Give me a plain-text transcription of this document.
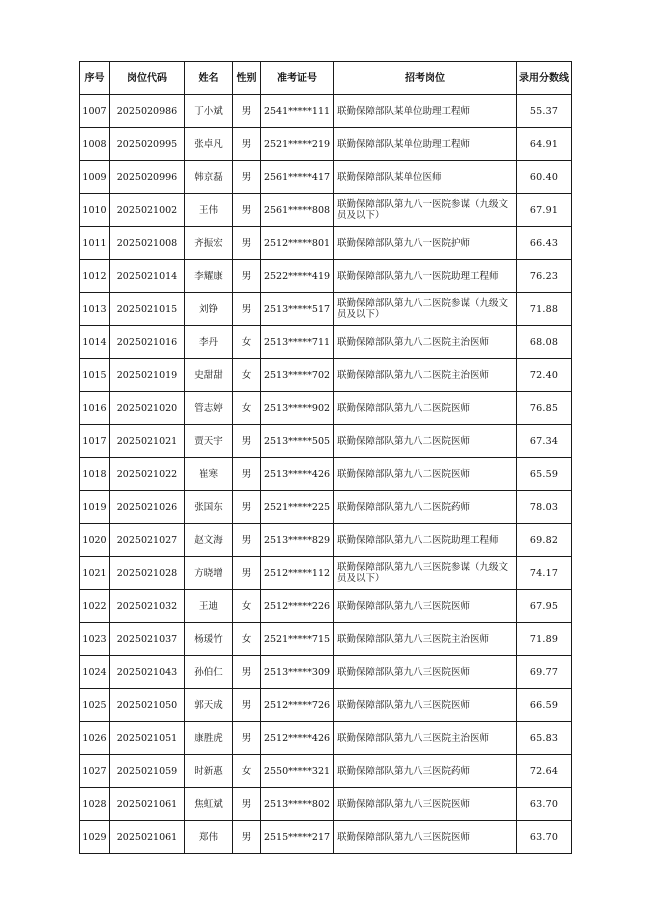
序号	岗位代码	姓名	性别	准考证号	招考岗位	录用分数线
1007	2025020986	丁小斌	男	2541*****111	联勤保障部队某单位助理工程师	55.37
1008	2025020995	张卓凡	男	2521*****219	联勤保障部队某单位助理工程师	64.91
1009	2025020996	韩京磊	男	2561*****417	联勤保障部队某单位医师	60.40
1010	2025021002	王伟	男	2561*****808	联勤保障部队第九八一医院参谋（九级文员及以下）	67.91
1011	2025021008	齐振宏	男	2512*****801	联勤保障部队第九八一医院护师	66.43
1012	2025021014	李耀康	男	2522*****419	联勤保障部队第九八一医院助理工程师	76.23
1013	2025021015	刘铮	男	2513*****517	联勤保障部队第九八二医院参谋（九级文员及以下）	71.88
1014	2025021016	李丹	女	2513*****711	联勤保障部队第九八二医院主治医师	68.08
1015	2025021019	史甜甜	女	2513*****702	联勤保障部队第九八二医院主治医师	72.40
1016	2025021020	管志婷	女	2513*****902	联勤保障部队第九八二医院医师	76.85
1017	2025021021	贾天宇	男	2513*****505	联勤保障部队第九八二医院医师	67.34
1018	2025021022	崔寒	男	2513*****426	联勤保障部队第九八二医院医师	65.59
1019	2025021026	张国东	男	2521*****225	联勤保障部队第九八二医院药师	78.03
1020	2025021027	赵文海	男	2513*****829	联勤保障部队第九八二医院助理工程师	69.82
1021	2025021028	方晓增	男	2512*****112	联勤保障部队第九八三医院参谋（九级文员及以下）	74.17
1022	2025021032	王迪	女	2512*****226	联勤保障部队第九八三医院医师	67.95
1023	2025021037	杨瑗竹	女	2521*****715	联勤保障部队第九八三医院主治医师	71.89
1024	2025021043	孙伯仁	男	2513*****309	联勤保障部队第九八三医院医师	69.77
1025	2025021050	郭天成	男	2512*****726	联勤保障部队第九八三医院医师	66.59
1026	2025021051	康胜虎	男	2512*****426	联勤保障部队第九八三医院主治医师	65.83
1027	2025021059	时新惠	女	2550*****321	联勤保障部队第九八三医院药师	72.64
1028	2025021061	焦虹斌	男	2513*****802	联勤保障部队第九八三医院医师	63.70
1029	2025021061	郑伟	男	2515*****217	联勤保障部队第九八三医院医师	63.70
